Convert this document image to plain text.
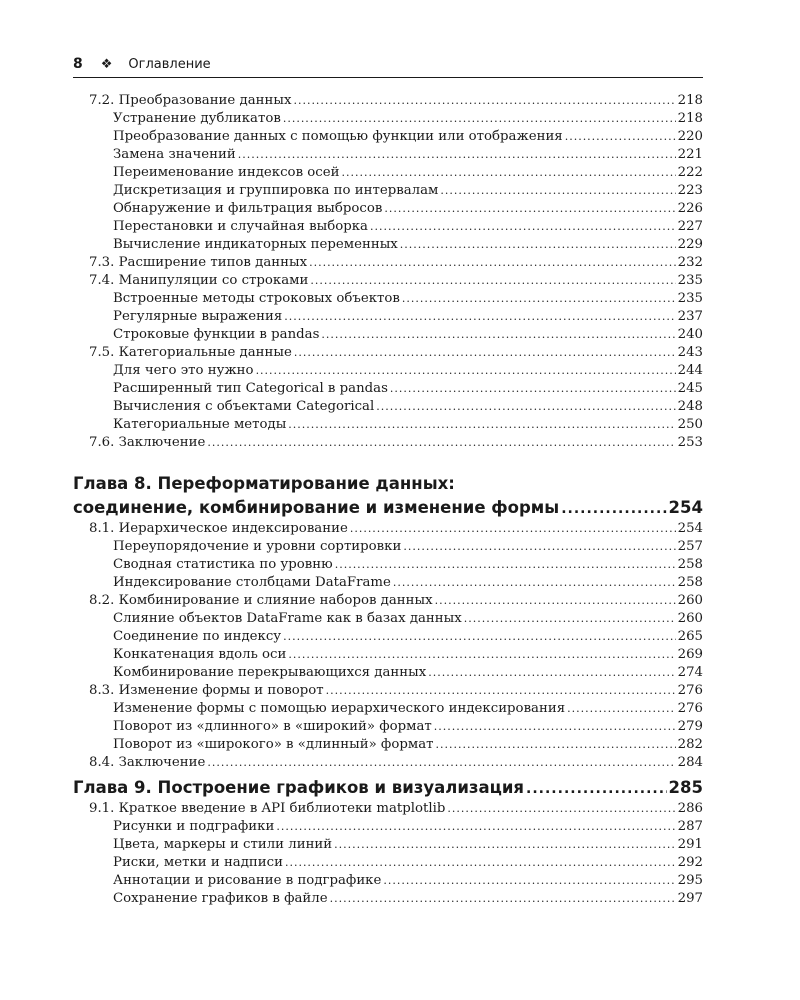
8 ❖ Оглавление
7.2. Преобразование данных .....	218
Устранение дубликатов .....	218
Преобразование данных с помощью функции или отображения .....	220
Замена значений .....	221
Переименование индексов осей .....	222
Дискретизация и группировка по интервалам .....	223
Обнаружение и фильтрация выбросов .....	226
Перестановки и случайная выборка .....	227
Вычисление индикаторных переменных .....	229
7.3. Расширение типов данных .....	232
7.4. Манипуляции со строками .....	235
Встроенные методы строковых объектов .....	235
Регулярные выражения .....	237
Строковые функции в pandas .....	240
7.5. Категориальные данные .....	243
Для чего это нужно .....	244
Расширенный тип Categorical в pandas .....	245
Вычисления с объектами Categorical .....	248
Категориальные методы .....	250
7.6. Заключение .....	253
Глава 8. Переформатирование данных:
соединение, комбинирование и изменение формы .....	254
8.1. Иерархическое индексирование .....	254
Переупорядочение и уровни сортировки .....	257
Сводная статистика по уровню .....	258
Индексирование столбцами DataFrame .....	258
8.2. Комбинирование и слияние наборов данных .....	260
Слияние объектов DataFrame как в базах данных .....	260
Соединение по индексу .....	265
Конкатенация вдоль оси .....	269
Комбинирование перекрывающихся данных .....	274
8.3. Изменение формы и поворот .....	276
Изменение формы с помощью иерархического индексирования .....	276
Поворот из «длинного» в «широкий» формат .....	279
Поворот из «широкого» в «длинный» формат .....	282
8.4. Заключение .....	284
Глава 9. Построение графиков и визуализация .....	285
9.1. Краткое введение в API библиотеки matplotlib .....	286
Рисунки и подграфики .....	287
Цвета, маркеры и стили линий .....	291
Риски, метки и надписи .....	292
Аннотации и рисование в подграфике .....	295
Сохранение графиков в файле .....	297
